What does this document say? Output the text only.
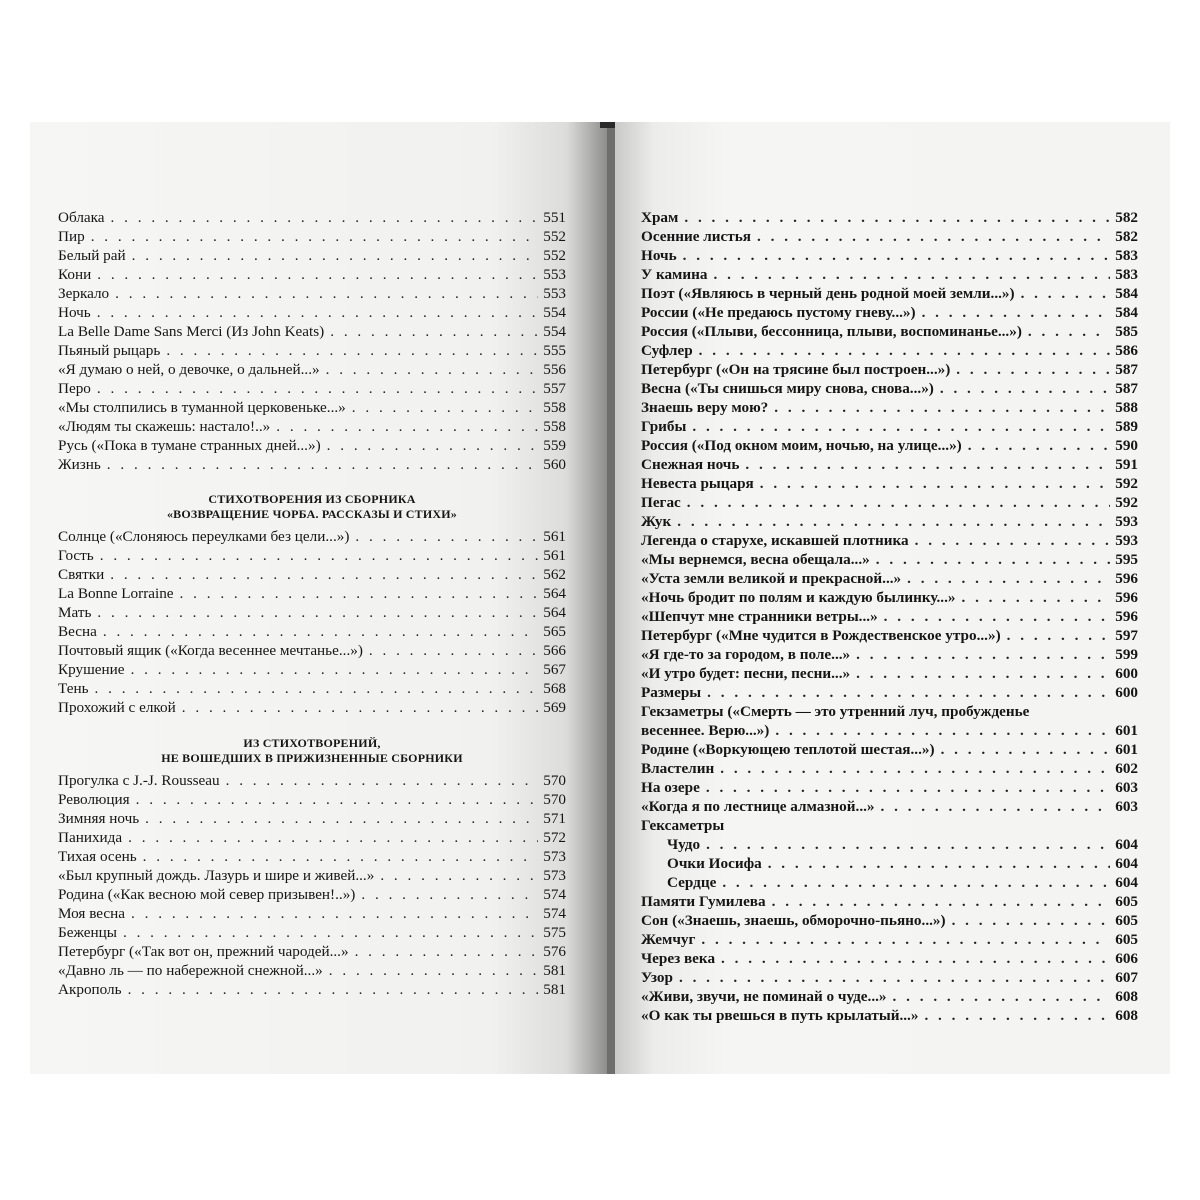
Облака . . .	551
Пир . . .	552
Белый рай . . .	552
Кони . . .	553
Зеркало . . .	553
Ночь . . .	554
La Belle Dame Sans Merci (Из John Keats) . . .	554
Пьяный рыцарь . . .	555
«Я думаю о ней, о девочке, о дальней...» . . .	556
Перо . . .	557
«Мы столпились в туманной церковеньке...» . . .	558
«Людям ты скажешь: настало!..» . . .	558
Русь («Пока в тумане странных дней...») . . .	559
Жизнь . . .	560
СТИХОТВОРЕНИЯ ИЗ СБОРНИКА
«ВОЗВРАЩЕНИЕ ЧОРБА. РАССКАЗЫ И СТИХИ»
Солнце («Слоняюсь переулками без цели...») . . .	561
Гость . . .	561
Святки . . .	562
La Bonne Lorraine . . .	564
Мать . . .	564
Весна . . .	565
Почтовый ящик («Когда весеннее мечтанье...») . . .	566
Крушение . . .	567
Тень . . .	568
Прохожий с елкой . . .	569
ИЗ СТИХОТВОРЕНИЙ,
НЕ ВОШЕДШИХ В ПРИЖИЗНЕННЫЕ СБОРНИКИ
Прогулка с J.-J. Rousseau . . .	570
Революция . . .	570
Зимняя ночь . . .	571
Панихида . . .	572
Тихая осень . . .	573
«Был крупный дождь. Лазурь и шире и живей...» . . .	573
Родина («Как весною мой север призывен!..») . . .	574
Моя весна . . .	574
Беженцы . . .	575
Петербург («Так вот он, прежний чародей...» . . .	576
«Давно ль — по набережной снежной...» . . .	581
Акрополь . . .	581
Храм . . .	582
Осенние листья . . .	582
Ночь . . .	583
У камина . . .	583
Поэт («Являюсь в черный день родной моей земли...») . . .	584
России («Не предаюсь пустому гневу...») . . .	584
Россия («Плыви, бессонница, плыви, воспоминанье...») . . .	585
Суфлер . . .	586
Петербург («Он на трясине был построен...») . . .	587
Весна («Ты снишься миру снова, снова...») . . .	587
Знаешь веру мою? . . .	588
Грибы . . .	589
Россия («Под окном моим, ночью, на улице...») . . .	590
Снежная ночь . . .	591
Невеста рыцаря . . .	592
Пегас . . .	592
Жук . . .	593
Легенда о старухе, искавшей плотника . . .	593
«Мы вернемся, весна обещала...» . . .	595
«Уста земли великой и прекрасной...» . . .	596
«Ночь бродит по полям и каждую былинку...» . . .	596
«Шепчут мне странники ветры...» . . .	596
Петербург («Мне чудится в Рождественское утро...») . . .	597
«Я где-то за городом, в поле...» . . .	599
«И утро будет: песни, песни...» . . .	600
Размеры . . .	600
Гекзаметры («Смерть — это утренний луч, пробужденье
весеннее. Верю...») . . .	601
Родине («Воркующею теплотой шестая...») . . .	601
Властелин . . .	602
На озере . . .	603
«Когда я по лестнице алмазной...» . . .	603
Гексаметры
Чудо . . .	604
Очки Иосифа . . .	604
Сердце . . .	604
Памяти Гумилева . . .	605
Сон («Знаешь, знаешь, обморочно-пьяно...») . . .	605
Жемчуг . . .	605
Через века . . .	606
Узор . . .	607
«Живи, звучи, не поминай о чуде...» . . .	608
«О как ты рвешься в путь крылатый...» . . .	608
